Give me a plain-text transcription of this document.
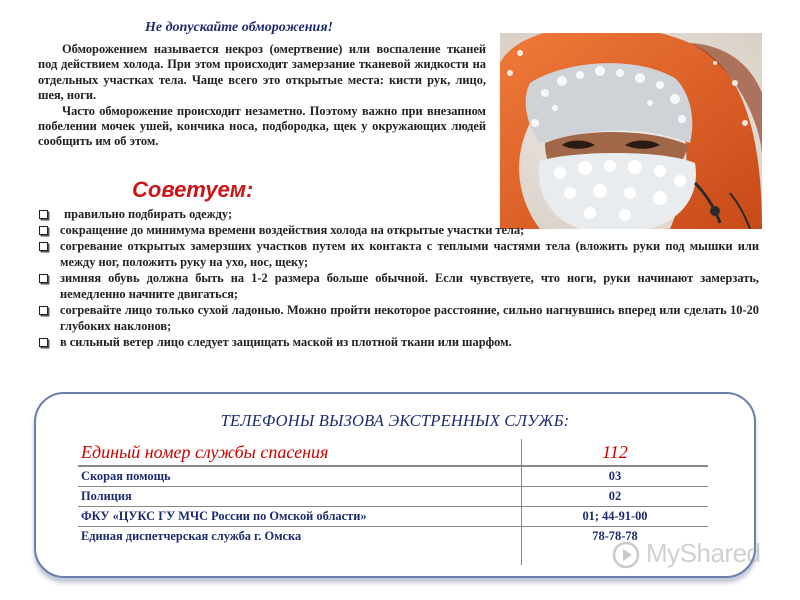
Не допускайте обморожения!

Обморожением называется некроз (омертвение) или воспаление тканей под действием холода. При этом происходит замерзание тканевой жидкости на отдельных участках тела. Чаще всего это открытые места: кисти рук, лицо, шея, ноги.

Часто обморожение происходит незаметно. Поэтому важно при внезапном побелении мочек ушей, кончика носа, подбородка, щек у окружающих людей сообщить им об этом.

Советуем:
правильно подбирать одежду;
сокращение до минимума времени воздействия холода на открытые участки тела;
согревание открытых замерзших участков путем их контакта с теплыми частями тела (вложить руки под мышки или между ног, положить руку на ухо, нос, щеку;
зимняя обувь должна быть на 1-2 размера больше обычной. Если чувствуете, что ноги, руки начинают замерзать, немедленно начните двигаться;
согревайте лицо только сухой ладонью. Можно пройти некоторое расстояние, сильно нагнувшись вперед или сделать 10-20 глубоких наклонов;
в сильный ветер лицо следует защищать маской из плотной ткани или шарфом.
ТЕЛЕФОНЫ ВЫЗОВА ЭКСТРЕННЫХ СЛУЖБ:
Единый номер службы спасения	112
Скорая помощь	03
Полиция	02
ФКУ «ЦУКС ГУ МЧС России по Омской области»	01; 44-91-00
Единая диспетчерская служба г. Омска	78-78-78
MyShared
